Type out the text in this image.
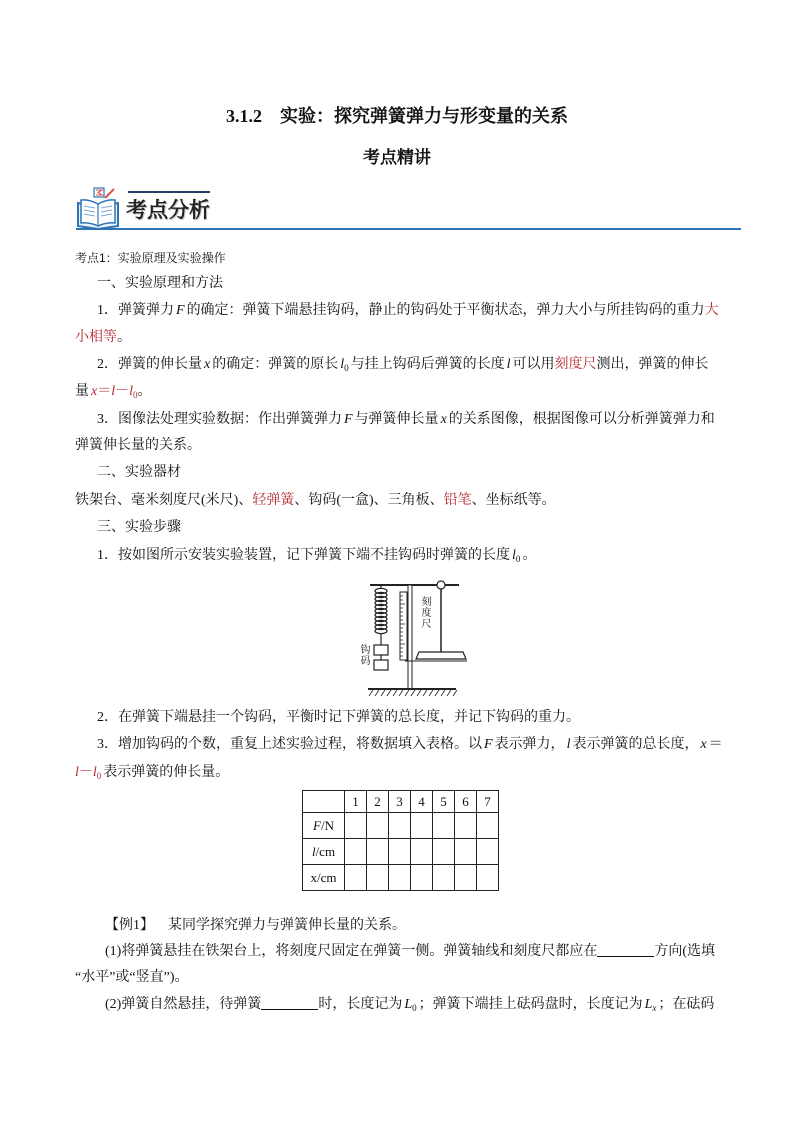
3.1.2　实验：探究弹簧弹力与形变量的关系
考点精讲
考点分析
考点1：实验原理及实验操作
一、实验原理和方法
1．弹簧弹力 F 的确定：弹簧下端悬挂钩码，静止的钩码处于平衡状态，弹力大小与所挂钩码的重力大
小相等。
2．弹簧的伸长量 x 的确定：弹簧的原长 $l_0$ 与挂上钩码后弹簧的长度 l 可以用刻度尺测出，弹簧的伸长
量 $x=l-l_0$。
3．图像法处理实验数据：作出弹簧弹力 F 与弹簧伸长量 x 的关系图像，根据图像可以分析弹簧弹力和
弹簧伸长量的关系。
二、实验器材
铁架台、毫米刻度尺(米尺)、轻弹簧、钩码(一盒)、三角板、铅笔、坐标纸等。
三、实验步骤
1．按如图所示安装实验装置，记下弹簧下端不挂钩码时弹簧的长度 $l_0$ 。
刻度尺
钩码
2．在弹簧下端悬挂一个钩码，平衡时记下弹簧的总长度，并记下钩码的重力。
3．增加钩码的个数，重复上述实验过程，将数据填入表格。以 F 表示弹力， l 表示弹簧的总长度， x ＝
$l-l_0$ 表示弹簧的伸长量。
	1	2	3	4	5	6	7
F/N							
l/cm							
x/cm							
【例1】 某同学探究弹力与弹簧伸长量的关系。
(1)将弹簧悬挂在铁架台上，将刻度尺固定在弹簧一侧。弹簧轴线和刻度尺都应在	方向(选填
“水平”或“竖直”)。
(2)弹簧自然悬挂，待弹簧	时，长度记为 $L_0$ ；弹簧下端挂上砝码盘时，长度记为 $L_x$ ；在砝码
